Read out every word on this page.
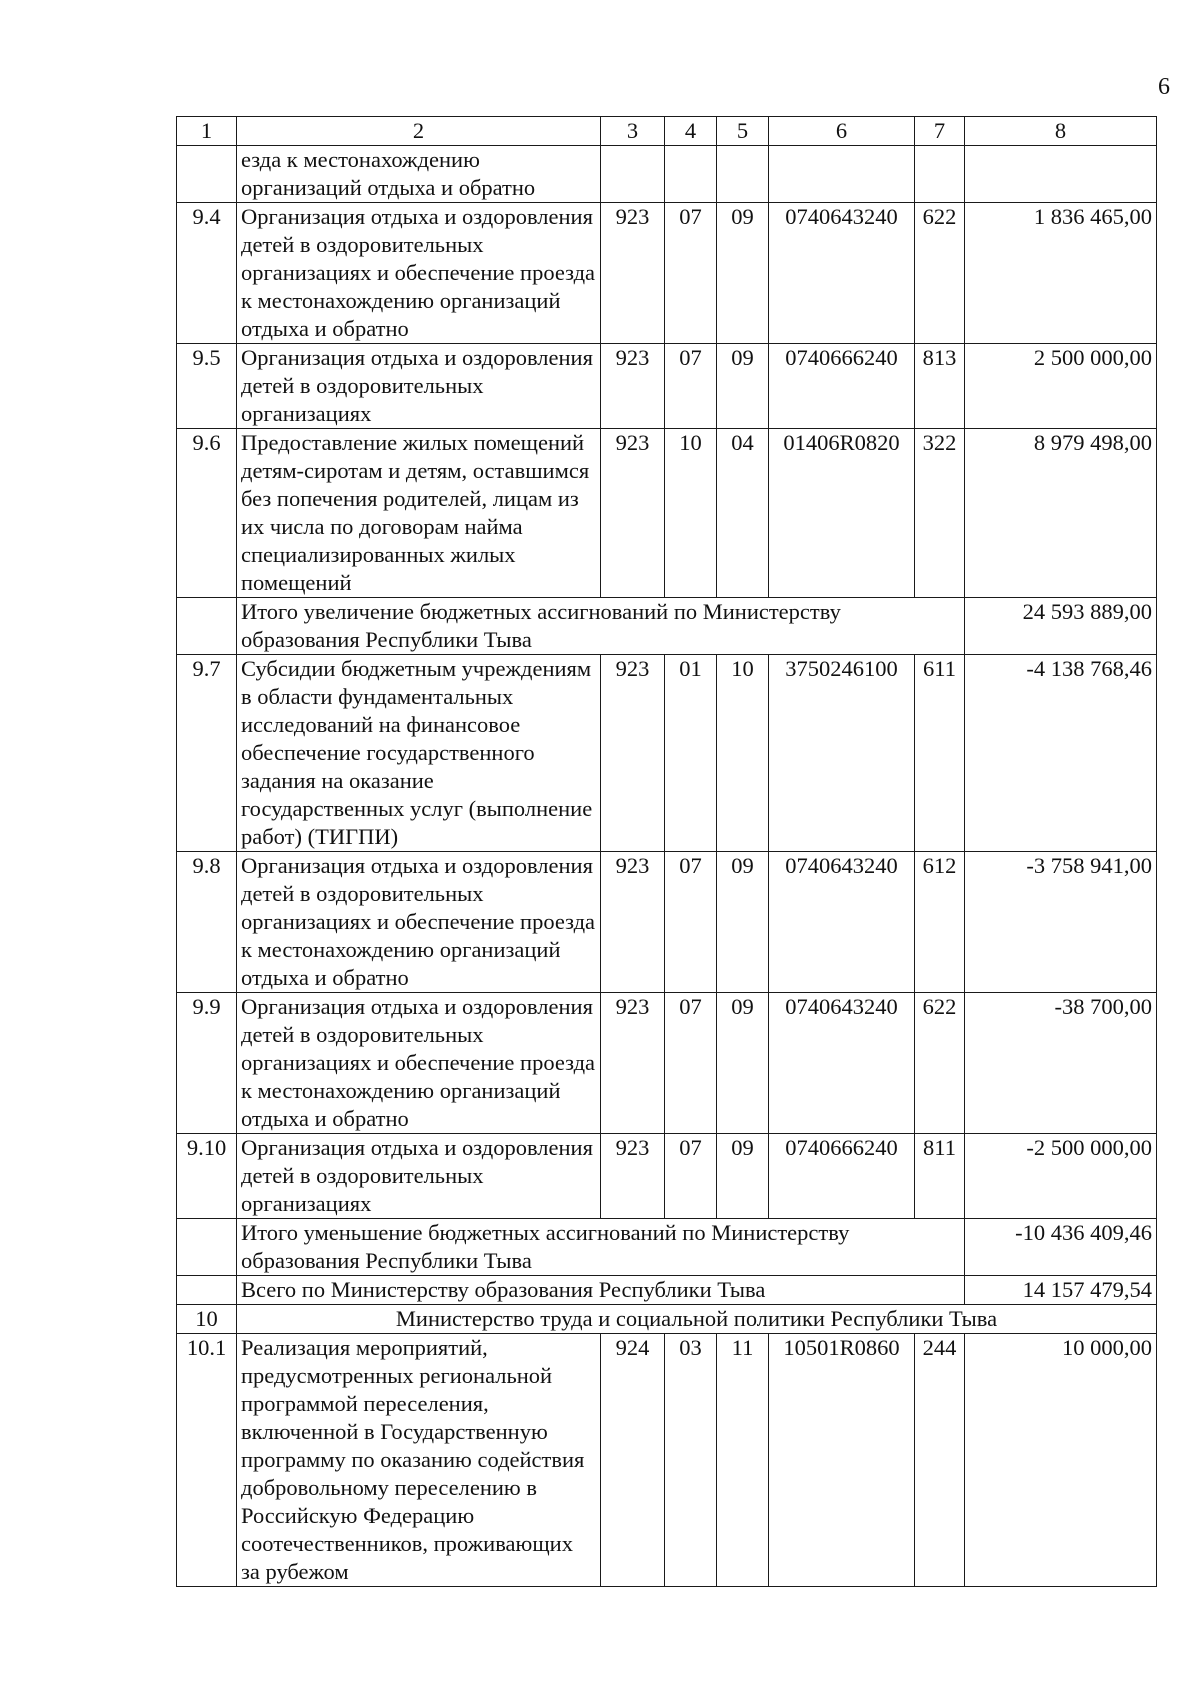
6
1	2	3	4	5	6	7	8
	езда к местонахождению организаций отдыха и обратно						
9.4	Организация отдыха и оздоровления детей в оздоровительных организациях и обеспечение проезда к местонахождению организаций отдыха и обратно	923	07	09	0740643240	622	1 836 465,00
9.5	Организация отдыха и оздоровления детей в оздоровительных организациях	923	07	09	0740666240	813	2 500 000,00
9.6	Предоставление жилых помещений детям-сиротам и детям, оставшимся без попечения родителей, лицам из их числа по договорам найма специализированных жилых помещений	923	10	04	01406R0820	322	8 979 498,00
	Итого увеличение бюджетных ассигнований по Министерству образования Республики Тыва						24 593 889,00
9.7	Субсидии бюджетным учреждениям в области фундаментальных исследований на финансовое обеспечение государственного задания на оказание государственных услуг (выполнение работ) (ТИГПИ)	923	01	10	3750246100	611	-4 138 768,46
9.8	Организация отдыха и оздоровления детей в оздоровительных организациях и обеспечение проезда к местонахождению организаций отдыха и обратно	923	07	09	0740643240	612	-3 758 941,00
9.9	Организация отдыха и оздоровления детей в оздоровительных организациях и обеспечение проезда к местонахождению организаций отдыха и обратно	923	07	09	0740643240	622	-38 700,00
9.10	Организация отдыха и оздоровления детей в оздоровительных организациях	923	07	09	0740666240	811	-2 500 000,00
	Итого уменьшение бюджетных ассигнований по Министерству образования Республики Тыва						-10 436 409,46
	Всего по Министерству образования Республики Тыва						14 157 479,54
10	Министерство труда и социальной политики Республики Тыва						
10.1	Реализация мероприятий, предусмотренных региональной программой переселения, включенной в Государственную программу по оказанию содействия добровольному переселению в Российскую Федерацию соотечественников, проживающих за рубежом	924	03	11	10501R0860	244	10 000,00
